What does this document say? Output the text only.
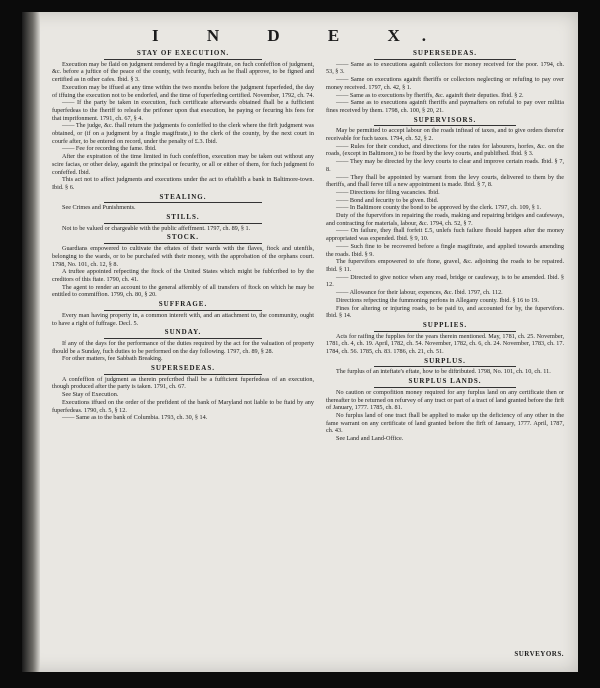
I N D E X.
STAY OF EXECUTION.

Execution may be flaid on judgment rendered by a fingle magiftrate, on fuch confeffion of judgment, &c. before a juftice of the peace of the county, with fecurity, fuch as he fhall approve, to be figned and certified as in other cafes. Ibid. § 3.

Execution may be iffued at any time within the two months before the judgment fuperfeded, the day of iffuing the execution not to be endorfed, and the time of fuperfeding certified. November, 1792, ch. 74.

—— If the party be taken in execution, fuch certificate afterwards obtained fhall be a fufficient fuperfedeas to the fheriff to releafe the prifoner upon that execution, he paying or fecuring his fees for that imprifonment. 1791, ch. 67, § 4.

—— The judge, &c. fhall return the judgments fo confeffed to the clerk where the firft judgment was obtained, or (if on a judgment by a fingle magiftrate,) to the clerk of the county, by the next court in courfe after, to be entered on record, under the penalty of £.3. Ibid.

—— Fee for recording the fame. Ibid.

After the expiration of the time limited in fuch confeffion, execution may be taken out without any scire facias, or other delay, againft the principal or fecurity, or all or either of them, for fuch judgment fo confeffed. Ibid.

This act not to affect judgments and executions under the act to eftablifh a bank in Baltimore-town. Ibid. § 6.

STEALING.

See Crimes and Punishments.

STILLS.

Not to be valued or chargeable with the public affeffment. 1797, ch. 89, § 1.

STOCK.

Guardians empowered to cultivate the eftates of their wards with the flaves, ftock and utenfils, belonging to the wards, or to be purchafed with their money, with the approbation of the orphans court. 1798, No. 101, ch. 12, § 8.

A truftee appointed refpecting the ftock of the United States which might be fubfcribed to by the creditors of this ftate. 1790, ch. 41.

The agent to render an account to the general affembly of all transfers of ftock on which he may be entitled to commiffion. 1799, ch. 80, § 20.

SUFFRAGE.

Every man having property in, a common intereft with, and an attachment to, the community, ought to have a right of fuffrage. Decl. 5.

SUNDAY.

If any of the days for the performance of the duties required by the act for the valuation of property fhould be a Sunday, fuch duties to be performed on the day following. 1797, ch. 89, § 28.

For other matters, fee Sabbath Breaking.

SUPERSEDEAS.

A confeffion of judgment as therein prefcribed fhall be a fufficient fuperfedeas of an execution, though produced after the party is taken. 1791, ch. 67.

See Stay of Execution.

Executions iffued on the order of the prefident of the bank of Maryland not liable to be ftaid by any fuperfedeas. 1790, ch. 5, § 12.

—— Same as to the bank of Columbia. 1793, ch. 30, § 14.

SUPERSEDEAS.

—— Same as to executions againft collectors for money received for the poor. 1794, ch. 53, § 3.

—— Same on executions againft fheriffs or collectors neglecting or refufing to pay over money received. 1797, ch. 42, § 1.

—— Same as to executions by fheriffs, &c. againft their deputies. Ibid. § 2.

—— Same as to executions againft fheriffs and paymafters on refufal to pay over militia fines received by them. 1798, ch. 100, § 20, 21.

SUPERVISORS.

May be permitted to accept labour on the roads inftead of taxes, and to give orders therefor receivable for fuch taxes. 1794, ch. 52, § 2.

—— Rules for their conduct, and directions for the rates for labourers, horfes, &c. on the roads, (except in Baltimore,) to be fixed by the levy courts, and publifhed. Ibid. § 3.

—— They may be directed by the levy courts to clear and improve certain roads. Ibid. § 7, 8.

—— They fhall be appointed by warrant from the levy courts, delivered to them by the fheriffs, and fhall ferve till a new appointment is made. Ibid. § 7, 8.

—— Directions for filing vacancies. Ibid.

—— Bond and fecurity to be given. Ibid.

—— In Baltimore county the bond to be approved by the clerk. 1797, ch. 109, § 1.

Duty of the fupervifors in repairing the roads, making and repairing bridges and caufeways, and contracting for materials, labour, &c. 1794, ch. 52, § 7.

—— On failure, they fhall forfeit £.5, unlefs fuch failure fhould happen after the money appropriated was expended. Ibid. § 9, 10.

—— Such fine to be recovered before a fingle magiftrate, and applied towards amending the roads. Ibid. § 9.

The fupervifors empowered to ufe ftone, gravel, &c. adjoining the roads to be repaired. Ibid. § 11.

—— Directed to give notice when any road, bridge or caufeway, is to be amended. Ibid. § 12.

—— Allowance for their labour, expences, &c. Ibid. 1797, ch. 112.

Directions refpecting the fummoning perfons in Allegany county. Ibid. § 16 to 19.

Fines for altering or injuring roads, to be paid to, and accounted for by, the fupervifors. Ibid. § 14.

SUPPLIES.

Acts for raifing the fupplies for the years therein mentioned. May, 1781, ch. 25. November, 1781, ch. 4, ch. 19. April, 1782, ch. 54. November, 1782, ch. 6, ch. 24. November, 1783, ch. 17. 1784, ch. 56. 1785, ch. 83. 1786, ch. 21, ch. 51.

SURPLUS.

The furplus of an inteftate's eftate, how to be diftributed. 1798, No. 101, ch. 10, ch. 11.

SURPLUS LANDS.

No caution or compofition money required for any furplus land on any certificate then or thereafter to be returned on refurvey of any tract or part of a tract of land granted before the firft of January, 1777. 1785, ch. 81.

No furplus land of one tract fhall be applied to make up the deficiency of any other in the fame warrant on any certificate of land granted before the firft of January, 1777. April, 1787, ch. 43.

See Land and Land-Office.

SURVEYORS.
